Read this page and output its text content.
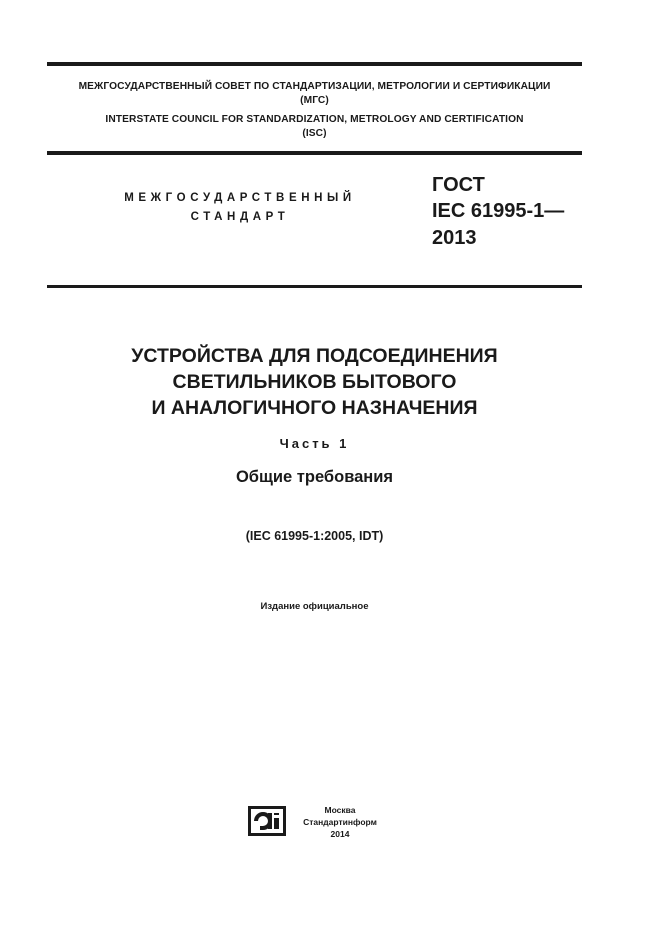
МЕЖГОСУДАРСТВЕННЫЙ СОВЕТ ПО СТАНДАРТИЗАЦИИ, МЕТРОЛОГИИ И СЕРТИФИКАЦИИ
(МГС)
INTERSTATE COUNCIL FOR STANDARDIZATION, METROLOGY AND CERTIFICATION
(ISC)
МЕЖГОСУДАРСТВЕННЫЙ
СТАНДАРТ
ГОСТ
IEC 61995-1—
2013
УСТРОЙСТВА ДЛЯ ПОДСОЕДИНЕНИЯ
СВЕТИЛЬНИКОВ БЫТОВОГО
И АНАЛОГИЧНОГО НАЗНАЧЕНИЯ
Часть 1
Общие требования
(IEC 61995-1:2005, IDT)
Издание официальное
Москва
Стандартинформ
2014
